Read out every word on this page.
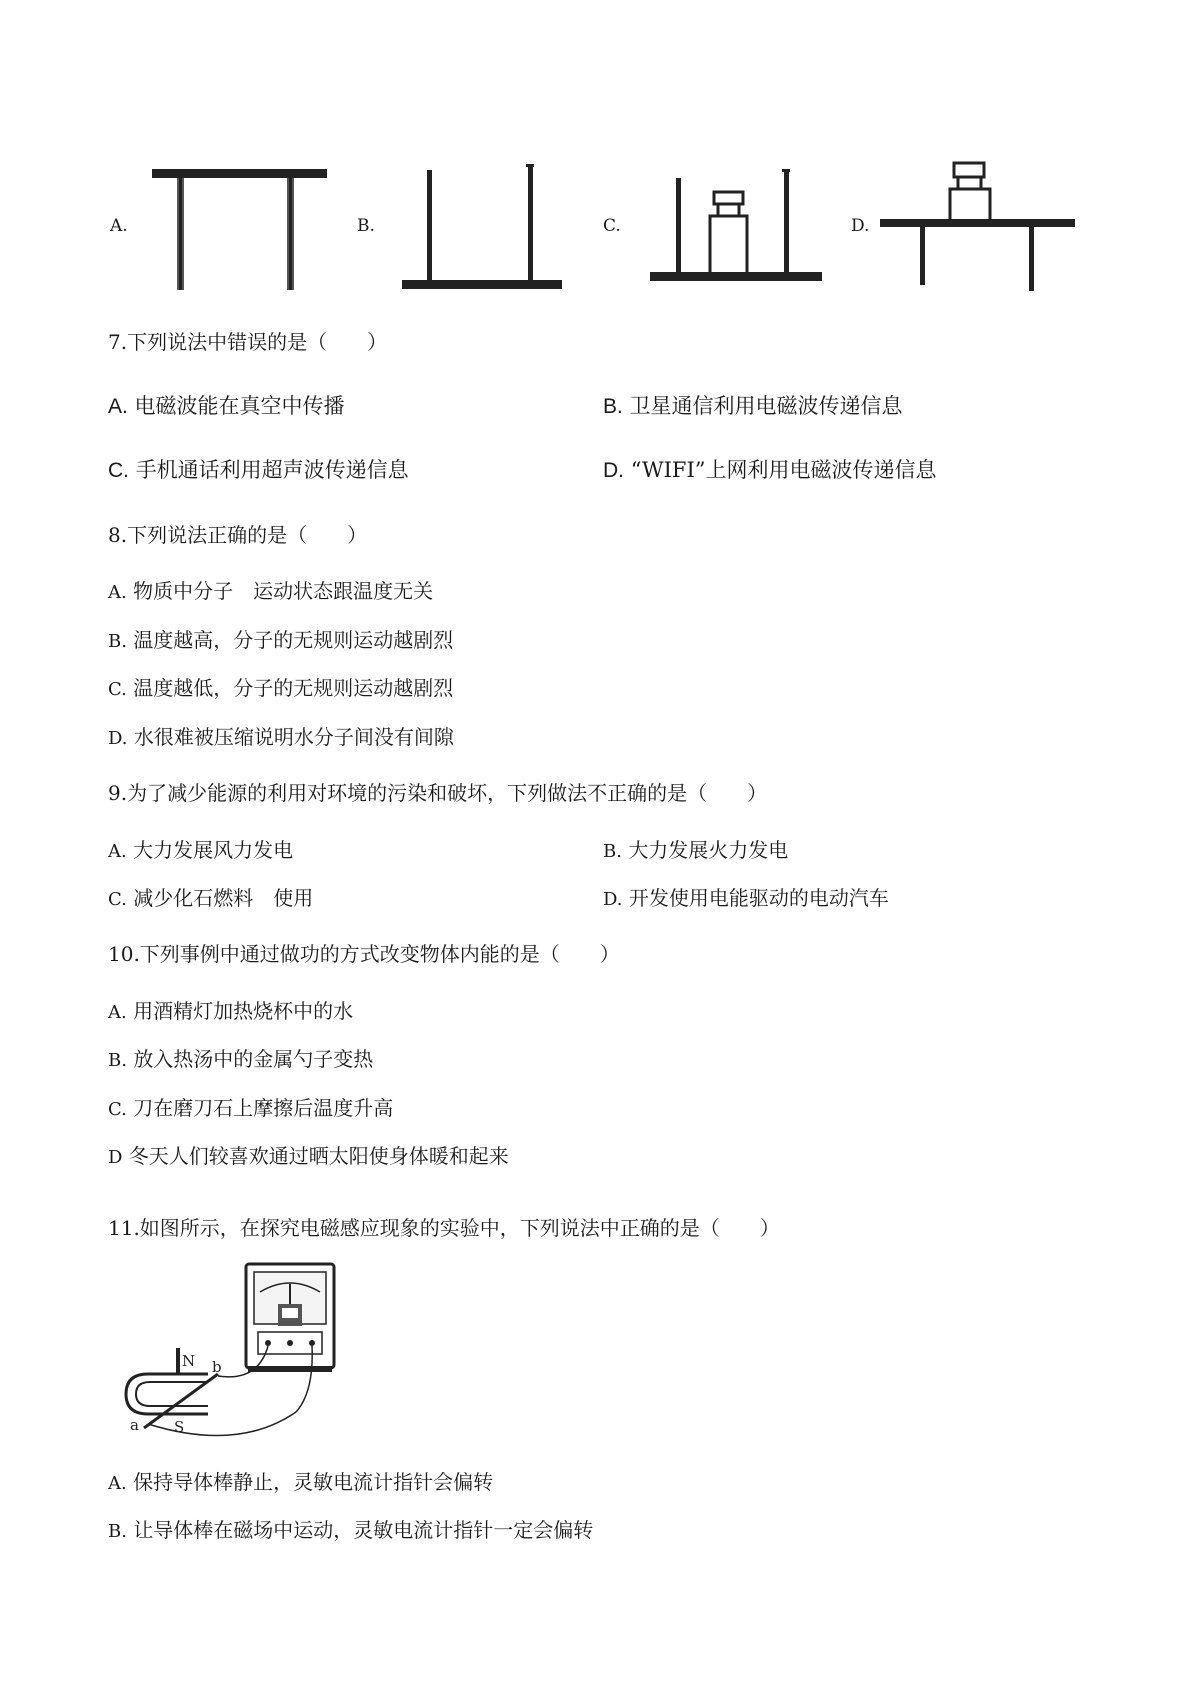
A.	B.	C.	D.
7.下列说法中错误的是（　　）
A. 电磁波能在真空中传播	B. 卫星通信利用电磁波传递信息
C. 手机通话利用超声波传递信息	D. “WIFI”上网利用电磁波传递信息
8.下列说法正确的是（　　）
A. 物质中分子　运动状态跟温度无关
B. 温度越高，分子的无规则运动越剧烈
C. 温度越低，分子的无规则运动越剧烈
D. 水很难被压缩说明水分子间没有间隙
9.为了减少能源的利用对环境的污染和破坏，下列做法不正确的是（　　）
A. 大力发展风力发电	B. 大力发展火力发电
C. 减少化石燃料　使用	D. 开发使用电能驱动的电动汽车
10.下列事例中通过做功的方式改变物体内能的是（　　）
A. 用酒精灯加热烧杯中的水
B. 放入热汤中的金属勺子变热
C. 刀在磨刀石上摩擦后温度升高
D 冬天人们较喜欢通过晒太阳使身体暖和起来
11.如图所示，在探究电磁感应现象的实验中，下列说法中正确的是（　　）
N
S
a
b
A. 保持导体棒静止，灵敏电流计指针会偏转
B. 让导体棒在磁场中运动，灵敏电流计指针一定会偏转
